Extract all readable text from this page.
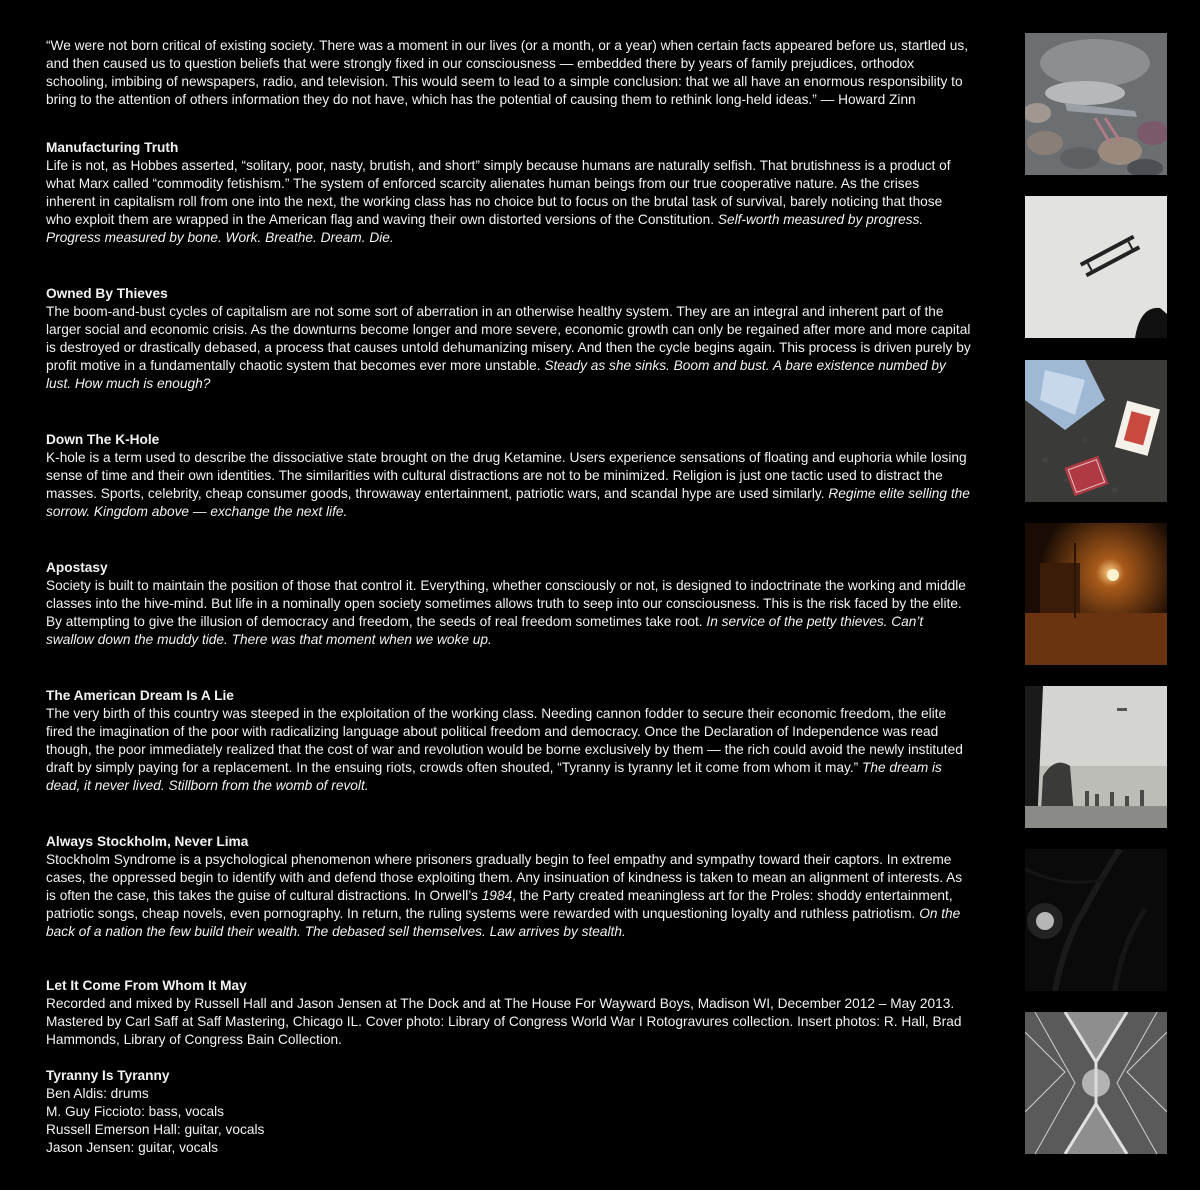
“We were not born critical of existing society. There was a moment in our lives (or a month, or a year) when certain facts appeared before us, startled us, and then caused us to question beliefs that were strongly fixed in our consciousness — embedded there by years of family prejudices, orthodox schooling, imbibing of newspapers, radio, and television. This would seem to lead to a simple conclusion: that we all have an enormous responsibility to bring to the attention of others information they do not have, which has the potential of causing them to rethink long-held ideas.” — Howard Zinn

Manufacturing Truth

Life is not, as Hobbes asserted, “solitary, poor, nasty, brutish, and short” simply because humans are naturally selfish. That brutishness is a product of what Marx called “commodity fetishism.” The system of enforced scarcity alienates human beings from our true cooperative nature. As the crises inherent in capitalism roll from one into the next, the working class has no choice but to focus on the brutal task of survival, barely noticing that those who exploit them are wrapped in the American flag and waving their own distorted versions of the Constitution. Self-worth measured by progress. Progress measured by bone. Work. Breathe. Dream. Die.

Owned By Thieves

The boom-and-bust cycles of capitalism are not some sort of aberration in an otherwise healthy system. They are an integral and inherent part of the larger social and economic crisis. As the downturns become longer and more severe, economic growth can only be regained after more and more capital is destroyed or drastically debased, a process that causes untold dehumanizing misery. And then the cycle begins again. This process is driven purely by profit motive in a fundamentally chaotic system that becomes ever more unstable. Steady as she sinks. Boom and bust. A bare existence numbed by lust. How much is enough?

Down The K-Hole

K-hole is a term used to describe the dissociative state brought on the drug Ketamine. Users experience sensations of floating and euphoria while losing sense of time and their own identities. The similarities with cultural distractions are not to be minimized. Religion is just one tactic used to distract the masses. Sports, celebrity, cheap consumer goods, throwaway entertainment, patriotic wars, and scandal hype are used similarly. Regime elite selling the sorrow. Kingdom above — exchange the next life.

Apostasy

Society is built to maintain the position of those that control it. Everything, whether consciously or not, is designed to indoctrinate the working and middle classes into the hive-mind. But life in a nominally open society sometimes allows truth to seep into our consciousness. This is the risk faced by the elite. By attempting to give the illusion of democracy and freedom, the seeds of real freedom sometimes take root. In service of the petty thieves. Can’t swallow down the muddy tide. There was that moment when we woke up.

The American Dream Is A Lie

The very birth of this country was steeped in the exploitation of the working class. Needing cannon fodder to secure their economic freedom, the elite fired the imagination of the poor with radicalizing language about political freedom and democracy. Once the Declaration of Independence was read though, the poor immediately realized that the cost of war and revolution would be borne exclusively by them — the rich could avoid the newly instituted draft by simply paying for a replacement. In the ensuing riots, crowds often shouted, “Tyranny is tyranny let it come from whom it may.” The dream is dead, it never lived. Stillborn from the womb of revolt.

Always Stockholm, Never Lima

Stockholm Syndrome is a psychological phenomenon where prisoners gradually begin to feel empathy and sympathy toward their captors. In extreme cases, the oppressed begin to identify with and defend those exploiting them. Any insinuation of kindness is taken to mean an alignment of interests. As is often the case, this takes the guise of cultural distractions. In Orwell’s 1984, the Party created meaningless art for the Proles: shoddy entertainment, patriotic songs, cheap novels, even pornography. In return, the ruling systems were rewarded with unquestioning loyalty and ruthless patriotism. On the back of a nation the few build their wealth. The debased sell themselves. Law arrives by stealth.

Let It Come From Whom It May

Recorded and mixed by Russell Hall and Jason Jensen at The Dock and at The House For Wayward Boys, Madison WI, December 2012 – May 2013. Mastered by Carl Saff at Saff Mastering, Chicago IL. Cover photo: Library of Congress World War I Rotogravures collection. Insert photos: R. Hall, Brad Hammonds, Library of Congress Bain Collection.

Tyranny Is Tyranny
Ben Aldis: drums
M. Guy Ficcioto: bass, vocals
Russell Emerson Hall: guitar, vocals
Jason Jensen: guitar, vocals
